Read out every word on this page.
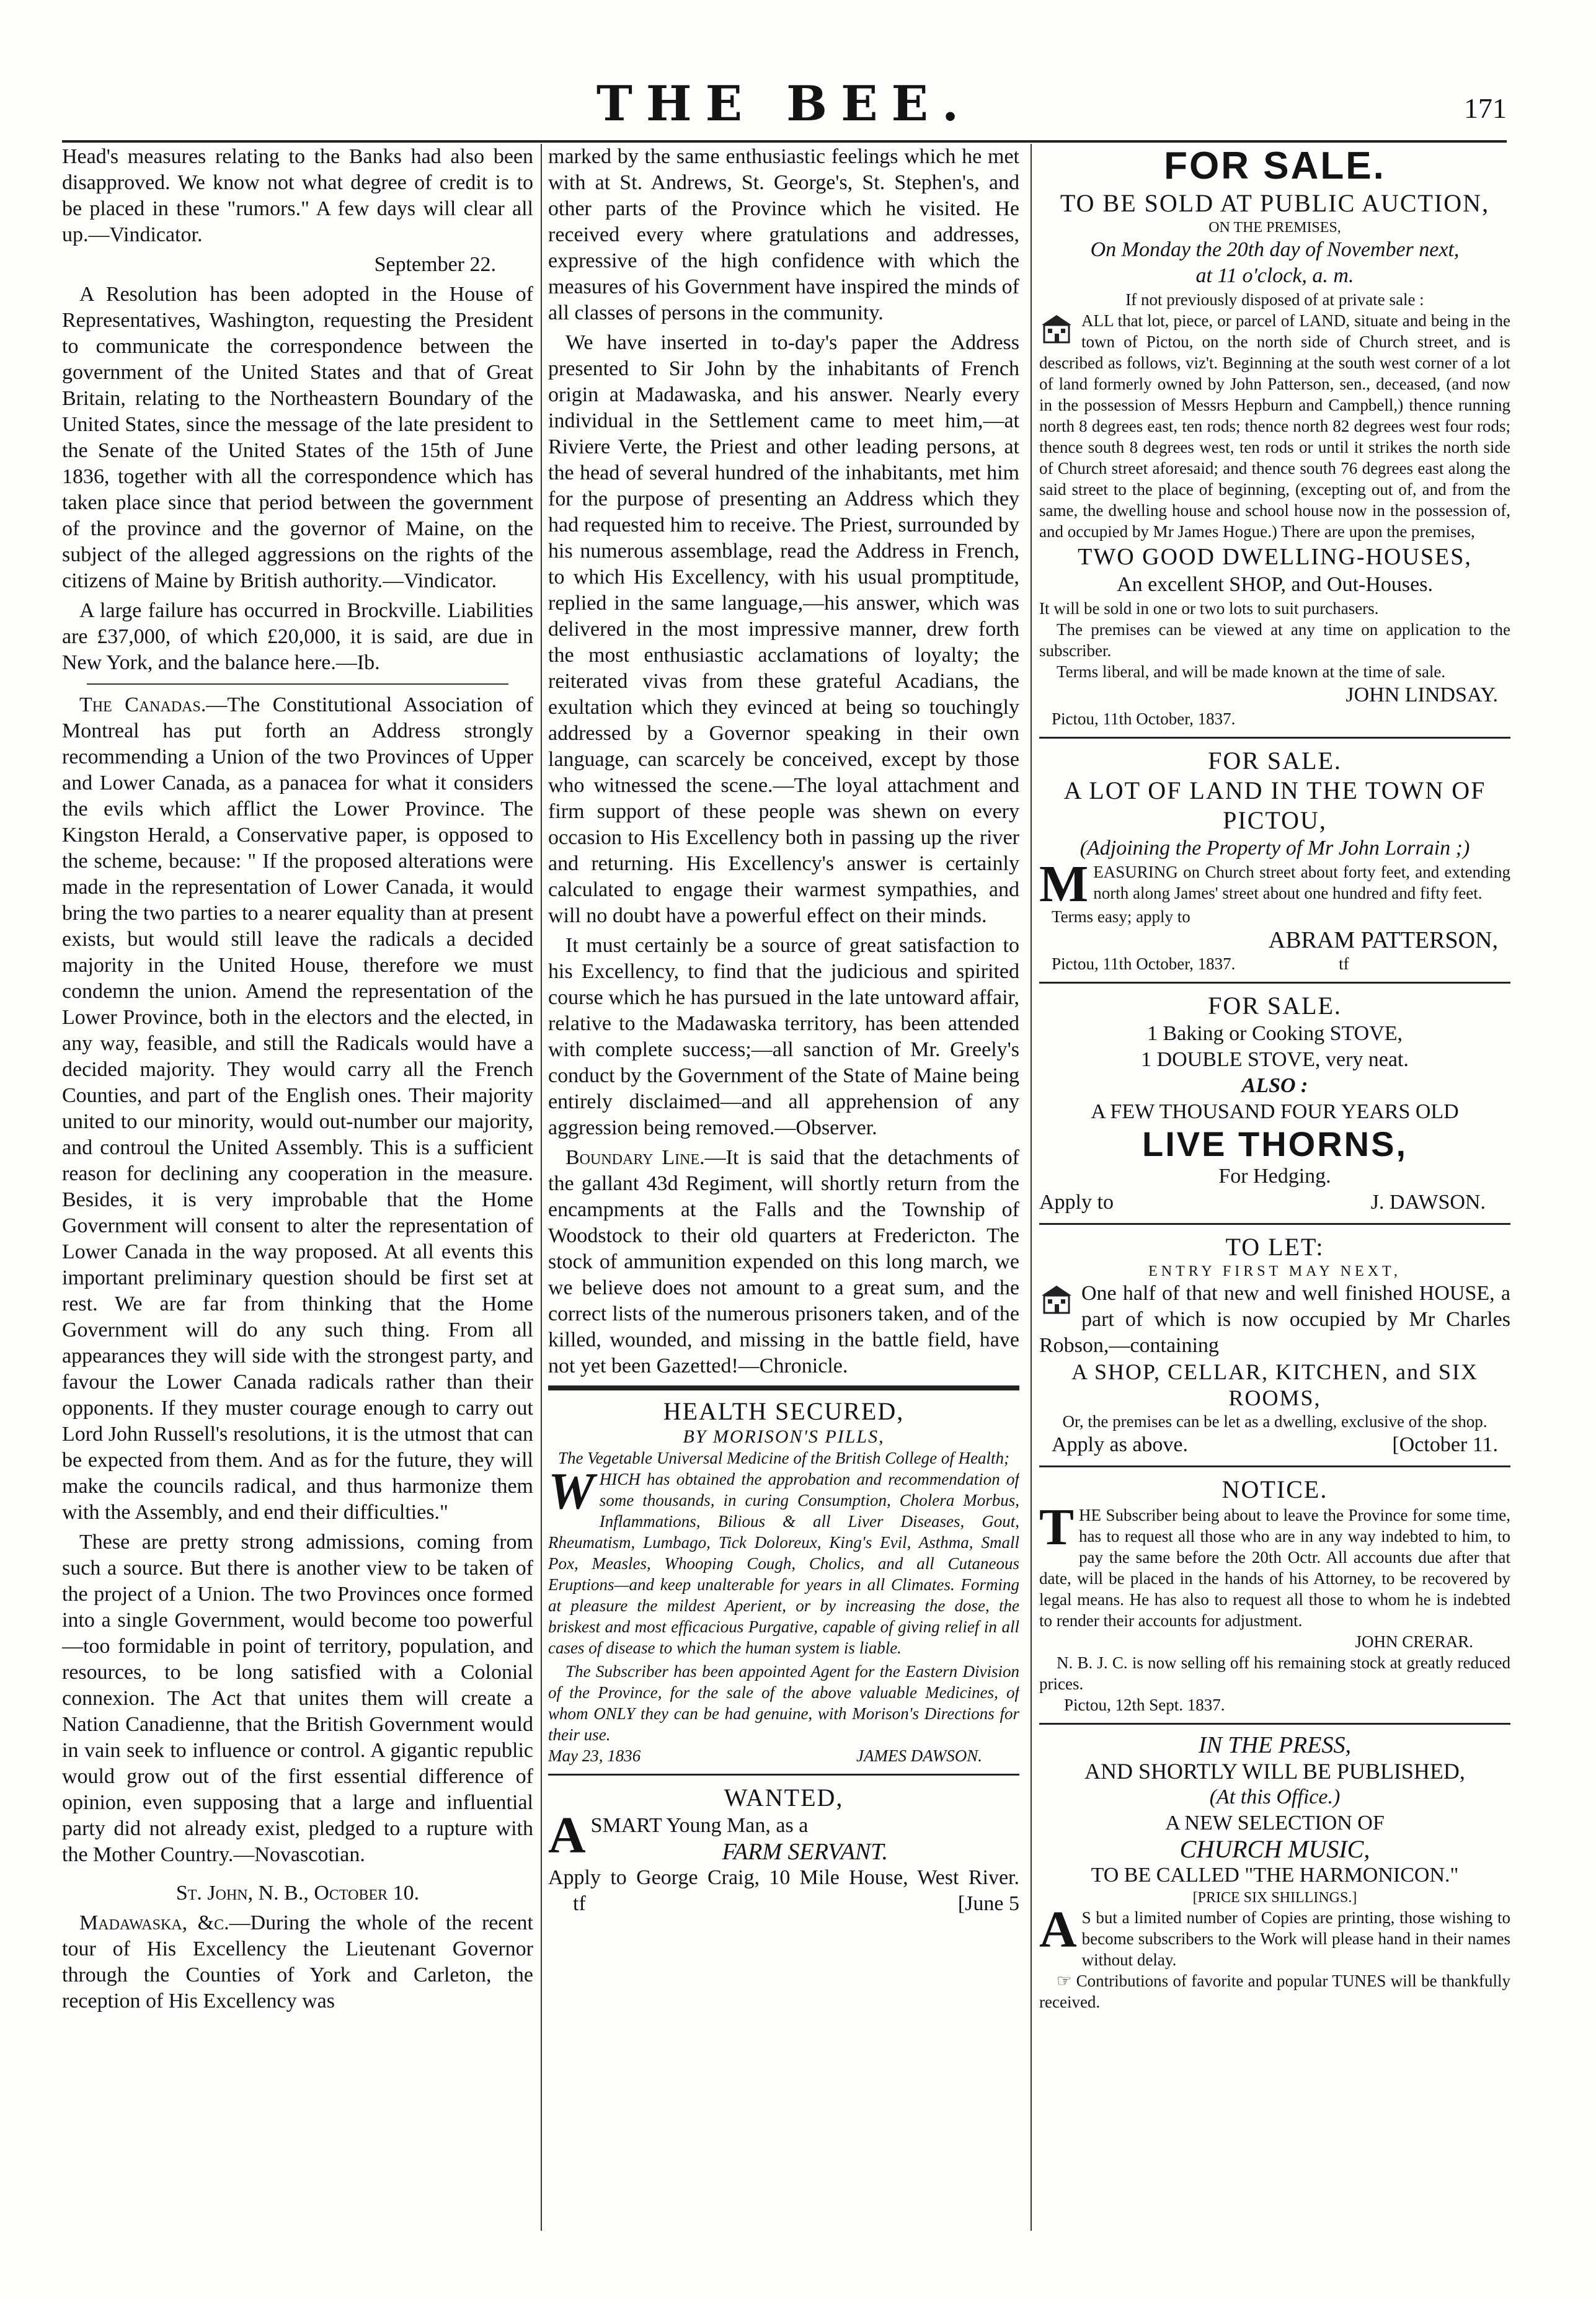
THE BEE.	171

Head's measures relating to the Banks had also been disapproved. We know not what degree of credit is to be placed in these "rumors." A few days will clear all up.—Vindicator.

September 22.

A Resolution has been adopted in the House of Representatives, Washington, requesting the President to communicate the correspondence between the government of the United States and that of Great Britain, relating to the Northeastern Boundary of the United States, since the message of the late president to the Senate of the United States of the 15th of June 1836, together with all the correspondence which has taken place since that period between the government of the province and the governor of Maine, on the subject of the alleged aggressions on the rights of the citizens of Maine by British authority.—Vindicator.

A large failure has occurred in Brockville. Liabilities are £37,000, of which £20,000, it is said, are due in New York, and the balance here.—Ib.

The Canadas.—The Constitutional Association of Montreal has put forth an Address strongly recommending a Union of the two Provinces of Upper and Lower Canada, as a panacea for what it considers the evils which afflict the Lower Province. The Kingston Herald, a Conservative paper, is opposed to the scheme, because: " If the proposed alterations were made in the representation of Lower Canada, it would bring the two parties to a nearer equality than at present exists, but would still leave the radicals a decided majority in the United House, therefore we must condemn the union. Amend the representation of the Lower Province, both in the electors and the elected, in any way, feasible, and still the Radicals would have a decided majority. They would carry all the French Counties, and part of the English ones. Their majority united to our minority, would out-number our majority, and controul the United Assembly. This is a sufficient reason for declining any cooperation in the measure. Besides, it is very improbable that the Home Government will consent to alter the representation of Lower Canada in the way proposed. At all events this important preliminary question should be first set at rest. We are far from thinking that the Home Government will do any such thing. From all appearances they will side with the strongest party, and favour the Lower Canada radicals rather than their opponents. If they muster courage enough to carry out Lord John Russell's resolutions, it is the utmost that can be expected from them. And as for the future, they will make the councils radical, and thus harmonize them with the Assembly, and end their difficulties."

These are pretty strong admissions, coming from such a source. But there is another view to be taken of the project of a Union. The two Provinces once formed into a single Government, would become too powerful—too formidable in point of territory, population, and resources, to be long satisfied with a Colonial connexion. The Act that unites them will create a Nation Canadienne, that the British Government would in vain seek to influence or control. A gigantic republic would grow out of the first essential difference of opinion, even supposing that a large and influential party did not already exist, pledged to a rupture with the Mother Country.—Novascotian.

St. John, N. B., October 10.

Madawaska, &c.—During the whole of the recent tour of His Excellency the Lieutenant Governor through the Counties of York and Carleton, the reception of His Excellency was

marked by the same enthusiastic feelings which he met with at St. Andrews, St. George's, St. Stephen's, and other parts of the Province which he visited. He received every where gratulations and addresses, expressive of the high confidence with which the measures of his Government have inspired the minds of all classes of persons in the community.

We have inserted in to-day's paper the Address presented to Sir John by the inhabitants of French origin at Madawaska, and his answer. Nearly every individual in the Settlement came to meet him,—at Riviere Verte, the Priest and other leading persons, at the head of several hundred of the inhabitants, met him for the purpose of presenting an Address which they had requested him to receive. The Priest, surrounded by his numerous assemblage, read the Address in French, to which His Excellency, with his usual promptitude, replied in the same language,—his answer, which was delivered in the most impressive manner, drew forth the most enthusiastic acclamations of loyalty; the reiterated vivas from these grateful Acadians, the exultation which they evinced at being so touchingly addressed by a Governor speaking in their own language, can scarcely be conceived, except by those who witnessed the scene.—The loyal attachment and firm support of these people was shewn on every occasion to His Excellency both in passing up the river and returning. His Excellency's answer is certainly calculated to engage their warmest sympathies, and will no doubt have a powerful effect on their minds.

It must certainly be a source of great satisfaction to his Excellency, to find that the judicious and spirited course which he has pursued in the late untoward affair, relative to the Madawaska territory, has been attended with complete success;—all sanction of Mr. Greely's conduct by the Government of the State of Maine being entirely disclaimed—and all apprehension of any aggression being removed.—Observer.

Boundary Line.—It is said that the detachments of the gallant 43d Regiment, will shortly return from the encampments at the Falls and the Township of Woodstock to their old quarters at Fredericton. The stock of ammunition expended on this long march, we we believe does not amount to a great sum, and the correct lists of the numerous prisoners taken, and of the killed, wounded, and missing in the battle field, have not yet been Gazetted!—Chronicle.

HEALTH SECURED,
BY MORISON'S PILLS,
The Vegetable Universal Medicine of the British College of Health;
WHICH has obtained the approbation and recommendation of some thousands, in curing Consumption, Cholera Morbus, Inflammations, Bilious & all Liver Diseases, Gout, Rheumatism, Lumbago, Tick Doloreux, King's Evil, Asthma, Small Pox, Measles, Whooping Cough, Cholics, and all Cutaneous Eruptions—and keep unalterable for years in all Climates. Forming at pleasure the mildest Aperient, or by increasing the dose, the briskest and most efficacious Purgative, capable of giving relief in all cases of disease to which the human system is liable.
The Subscriber has been appointed Agent for the Eastern Division of the Province, for the sale of the above valuable Medicines, of whom ONLY they can be had genuine, with Morison's Directions for their use.
May 23, 1836	JAMES DAWSON.
WANTED,
A SMART Young Man, as a
FARM SERVANT.
Apply to George Craig, 10 Mile House, West River. tf	[June 5
FOR SALE.
TO BE SOLD AT PUBLIC AUCTION,
ON THE PREMISES,
On Monday the 20th day of November next,
at 11 o'clock, a. m.
If not previously disposed of at private sale :
ALL that lot, piece, or parcel of LAND, situate and being in the town of Pictou, on the north side of Church street, and is described as follows, viz't. Beginning at the south west corner of a lot of land formerly owned by John Patterson, sen., deceased, (and now in the possession of Messrs Hepburn and Campbell,) thence running north 8 degrees east, ten rods; thence north 82 degrees west four rods; thence south 8 degrees west, ten rods or until it strikes the north side of Church street aforesaid; and thence south 76 degrees east along the said street to the place of beginning, (excepting out of, and from the same, the dwelling house and school house now in the possession of, and occupied by Mr James Hogue.) There are upon the premises,
TWO GOOD DWELLING-HOUSES,
An excellent SHOP, and Out-Houses.
It will be sold in one or two lots to suit purchasers.
The premises can be viewed at any time on application to the subscriber.
Terms liberal, and will be made known at the time of sale.
JOHN LINDSAY.
Pictou, 11th October, 1837.
FOR SALE.
A LOT OF LAND IN THE TOWN OF PICTOU,
(Adjoining the Property of Mr John Lorrain ;)
MEASURING on Church street about forty feet, and extending north along James' street about one hundred and fifty feet.
Terms easy; apply to
ABRAM PATTERSON,
Pictou, 11th October, 1837.	tf
FOR SALE.
1 Baking or Cooking STOVE,
1 DOUBLE STOVE, very neat.
ALSO :
A FEW THOUSAND FOUR YEARS OLD
LIVE THORNS,
For Hedging.
Apply to	J. DAWSON.
TO LET:
ENTRY FIRST MAY NEXT,
One half of that new and well finished HOUSE, a part of which is now occupied by Mr Charles Robson,—containing
A SHOP, CELLAR, KITCHEN, and SIX ROOMS,
Or, the premises can be let as a dwelling, exclusive of the shop.
Apply as above.	[October 11.
NOTICE.
THE Subscriber being about to leave the Province for some time, has to request all those who are in any way indebted to him, to pay the same before the 20th Octr. All accounts due after that date, will be placed in the hands of his Attorney, to be recovered by legal means. He has also to request all those to whom he is indebted to render their accounts for adjustment.
JOHN CRERAR.
N. B. J. C. is now selling off his remaining stock at greatly reduced prices.
Pictou, 12th Sept. 1837.
IN THE PRESS,
AND SHORTLY WILL BE PUBLISHED,
(At this Office.)
A NEW SELECTION OF
CHURCH MUSIC,
TO BE CALLED "THE HARMONICON."
[PRICE SIX SHILLINGS.]
A S but a limited number of Copies are printing, those wishing to become subscribers to the Work will please hand in their names without delay.
☞ Contributions of favorite and popular TUNES will be thankfully received.
